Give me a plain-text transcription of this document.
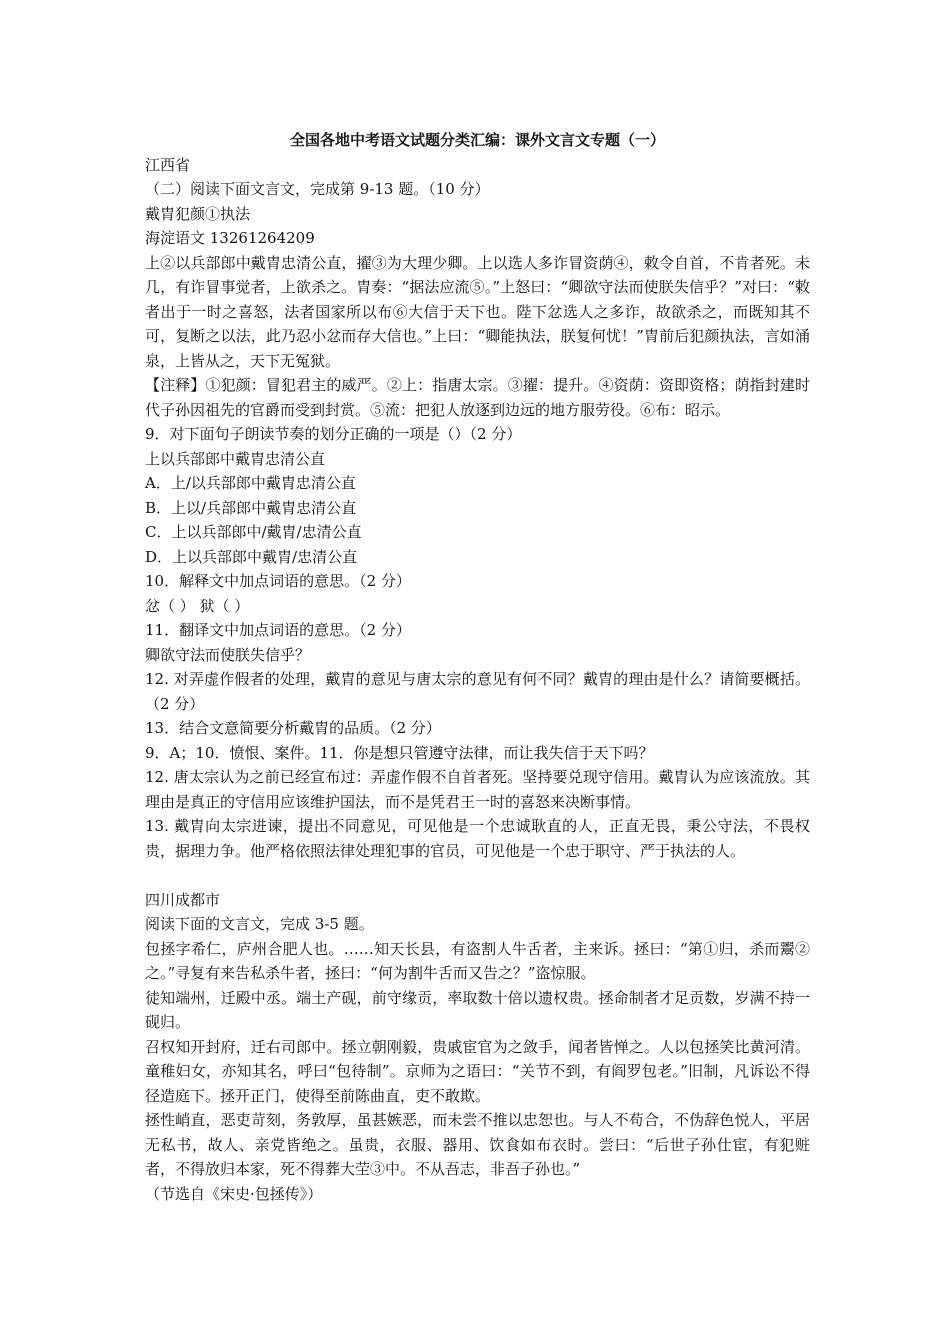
全国各地中考语文试题分类汇编：课外文言文专题（一）

江西省
（二）阅读下面文言文，完成第 9-13 题。（10 分）
戴胄犯颜①执法
海淀语文 13261264209

上②以兵部郎中戴胄忠清公直，擢③为大理少卿。上以选人多诈冒资荫④，敕令自首，不肯者死。未几，有诈冒事觉者，上欲杀之。胄奏：“据法应流⑤。”上怒曰：“卿欲守法而使朕失信乎？”对曰：“敕者出于一时之喜怒，法者国家所以布⑥大信于天下也。陛下忿选人之多诈，故欲杀之，而既知其不可，复断之以法，此乃忍小忿而存大信也。”上曰：“卿能执法，朕复何忧！”胄前后犯颜执法，言如涌泉，上皆从之，天下无冤狱。

【注释】①犯颜：冒犯君主的威严。②上：指唐太宗。③擢：提升。④资荫：资即资格；荫指封建时代子孙因祖先的官爵而受到封赏。⑤流：把犯人放逐到边远的地方服劳役。⑥布：昭示。

9．对下面句子朗读节奏的划分正确的一项是（）（2 分）
上以兵部郎中戴胄忠清公直
A．上/以兵部郎中戴胄忠清公直
B．上以/兵部郎中戴胄忠清公直
C．上以兵部郎中/戴胄/忠清公直
D．上以兵部郎中戴胄/忠清公直
10．解释文中加点词语的意思。（2 分）
忿（ ） 狱（ ）
11．翻译文中加点词语的意思。（2 分）
卿欲守法而使朕失信乎？

12. 对弄虚作假者的处理，戴胄的意见与唐太宗的意见有何不同？戴胄的理由是什么？请简要概括。（2 分）

13．结合文意简要分析戴胄的品质。（2 分）
9．A；10．愤恨、案件。11．你是想只管遵守法律，而让我失信于天下吗？

12. 唐太宗认为之前已经宣布过：弄虚作假不自首者死。坚持要兑现守信用。戴胄认为应该流放。其理由是真正的守信用应该维护国法，而不是凭君王一时的喜怒来决断事情。

13. 戴胄向太宗进谏，提出不同意见，可见他是一个忠诚耿直的人，正直无畏，秉公守法，不畏权贵，据理力争。他严格依照法律处理犯事的官员，可见他是一个忠于职守、严于执法的人。

四川成都市
阅读下面的文言文，完成 3-5 题。

包拯字希仁，庐州合肥人也。……知天长县，有盗割人牛舌者，主来诉。拯曰：“第①归，杀而鬻②之。”寻复有来告私杀牛者，拯曰：“何为割牛舌而又告之？”盗惊服。

徒知端州，迁殿中丞。端土产砚，前守缘贡，率取数十倍以遗权贵。拯命制者才足贡数，岁满不持一砚归。

召权知开封府，迁右司郎中。拯立朝刚毅，贵戚宦官为之敛手，闻者皆惮之。人以包拯笑比黄河清。童稚妇女，亦知其名，呼曰“包待制”。京师为之语曰：“关节不到，有阎罗包老。”旧制，凡诉讼不得径造庭下。拯开正门，使得至前陈曲直，吏不敢欺。

拯性峭直，恶吏苛刻，务敦厚，虽甚嫉恶，而未尝不推以忠恕也。与人不苟合，不伪辞色悦人，平居无私书，故人、亲党皆绝之。虽贵，衣服、器用、饮食如布衣时。尝曰：“后世子孙仕宦，有犯赃者，不得放归本家，死不得葬大茔③中。不从吾志，非吾子孙也。”

（节选自《宋史·包拯传》）
